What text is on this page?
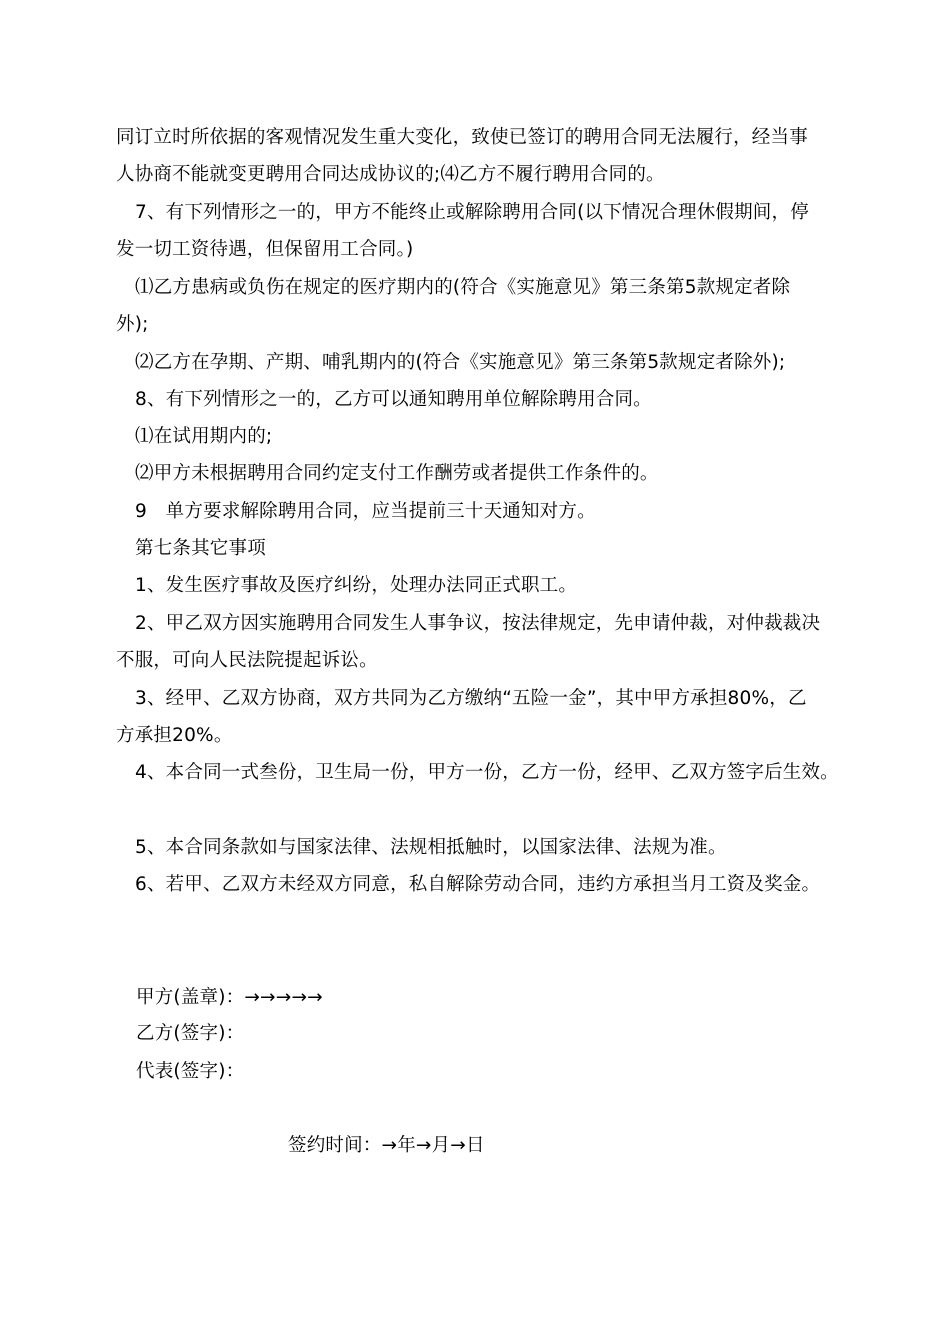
同订立时所依据的客观情况发生重大变化，致使已签订的聘用合同无法履行，经当事
人协商不能就变更聘用合同达成协议的;⑷乙方不履行聘用合同的。
7、有下列情形之一的，甲方不能终止或解除聘用合同(以下情况合理休假期间，停
发一切工资待遇，但保留用工合同。)
⑴乙方患病或负伤在规定的医疗期内的(符合《实施意见》第三条第5款规定者除
外);
⑵乙方在孕期、产期、哺乳期内的(符合《实施意见》第三条第5款规定者除外);
8、有下列情形之一的，乙方可以通知聘用单位解除聘用合同。
⑴在试用期内的;
⑵甲方未根据聘用合同约定支付工作酬劳或者提供工作条件的。
9　单方要求解除聘用合同，应当提前三十天通知对方。
第七条其它事项
1、发生医疗事故及医疗纠纷，处理办法同正式职工。
2、甲乙双方因实施聘用合同发生人事争议，按法律规定，先申请仲裁，对仲裁裁决
不服，可向人民法院提起诉讼。
3、经甲、乙双方协商，双方共同为乙方缴纳“五险一金”，其中甲方承担80%，乙
方承担20%。
4、本合同一式叁份，卫生局一份，甲方一份，乙方一份，经甲、乙双方签字后生效。
5、本合同条款如与国家法律、法规相抵触时，以国家法律、法规为准。
6、若甲、乙双方未经双方同意，私自解除劳动合同，违约方承担当月工资及奖金。
甲方(盖章)：→→→→→
乙方(签字)：
代表(签字)：
签约时间：→年→月→日
